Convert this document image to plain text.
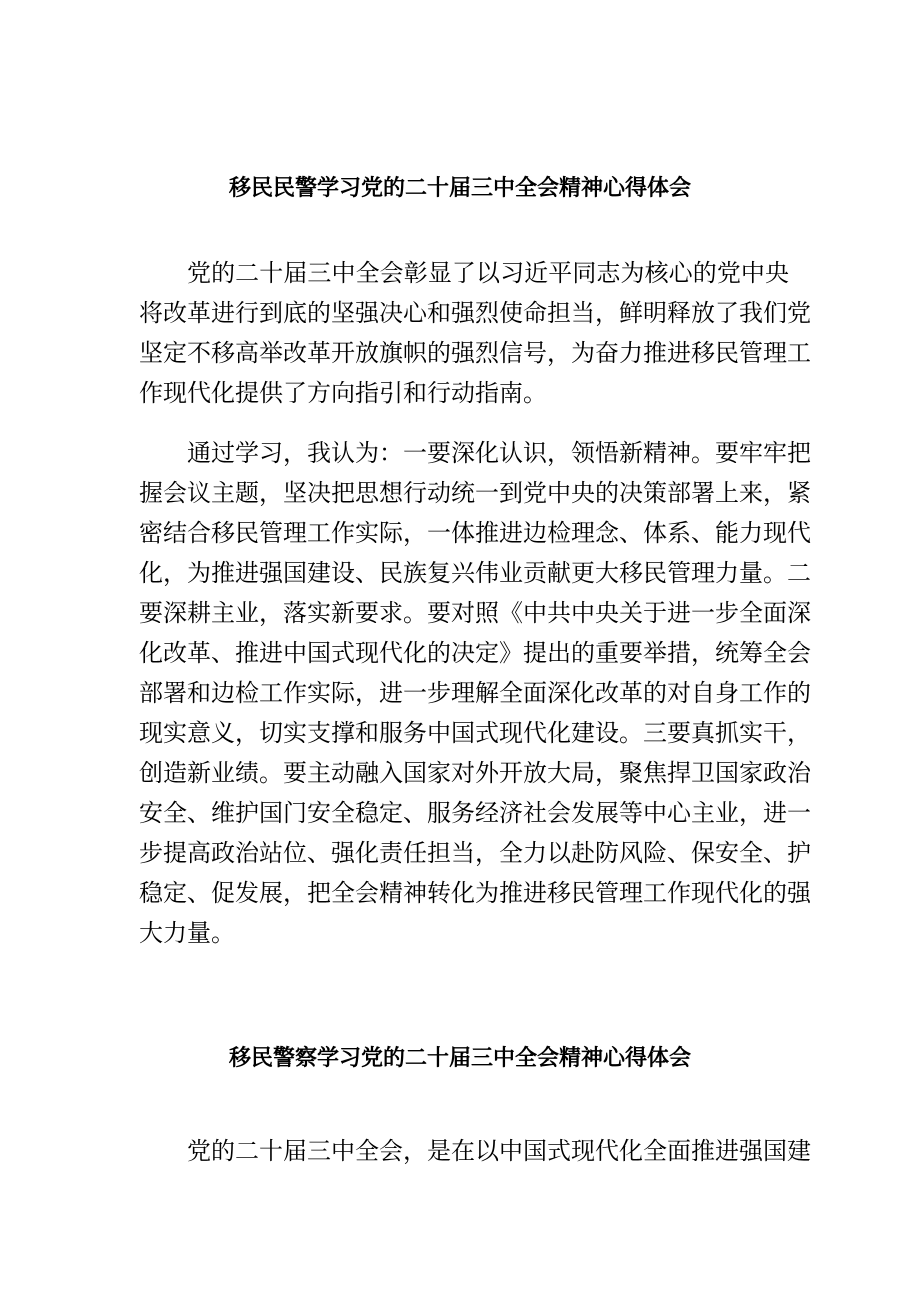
移民民警学习党的二十届三中全会精神心得体会
党的二十届三中全会彰显了以习近平同志为核心的党中央
将改革进行到底的坚强决心和强烈使命担当，鲜明释放了我们党
坚定不移高举改革开放旗帜的强烈信号，为奋力推进移民管理工
作现代化提供了方向指引和行动指南。
通过学习，我认为：一要深化认识，领悟新精神。要牢牢把
握会议主题，坚决把思想行动统一到党中央的决策部署上来，紧
密结合移民管理工作实际，一体推进边检理念、体系、能力现代
化，为推进强国建设、民族复兴伟业贡献更大移民管理力量。二
要深耕主业，落实新要求。要对照《中共中央关于进一步全面深
化改革、推进中国式现代化的决定》提出的重要举措，统筹全会
部署和边检工作实际，进一步理解全面深化改革的对自身工作的
现实意义，切实支撑和服务中国式现代化建设。三要真抓实干，
创造新业绩。要主动融入国家对外开放大局，聚焦捍卫国家政治
安全、维护国门安全稳定、服务经济社会发展等中心主业，进一
步提高政治站位、强化责任担当，全力以赴防风险、保安全、护
稳定、促发展，把全会精神转化为推进移民管理工作现代化的强
大力量。
移民警察学习党的二十届三中全会精神心得体会
党的二十届三中全会，是在以中国式现代化全面推进强国建
